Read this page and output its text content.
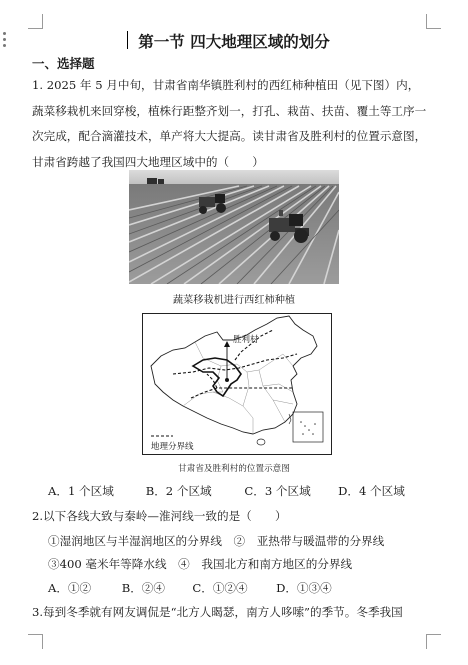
第一节 四大地理区域的划分
一、选择题
1. 2025 年 5 月中旬，甘肃省南华镇胜利村的西红柿种植田（见下图）内，蔬菜移栽机来回穿梭，植株行距整齐划一，打孔、栽苗、扶苗、覆土等工序一次完成，配合滴灌技术，单产将大大提高。读甘肃省及胜利村的位置示意图，甘肃省跨越了我国四大地理区域中的（　　）
蔬菜移栽机进行西红柿种植
胜利村
地理分界线
甘肃省及胜利村的位置示意图
A．1 个区域	B．2 个区域	C．3 个区域 D．4 个区域
2.以下各线大致与秦岭—淮河线一致的是（　　）
①湿润地区与半湿润地区的分界线　②　亚热带与暖温带的分界线
③400 毫米年等降水线　④　我国北方和南方地区的分界线
A．①②	B．②④ C．①②④ D．①③④
3.每到冬季就有网友调侃是“北方人暍瑟，南方人哆嗦”的季节。冬季我国
